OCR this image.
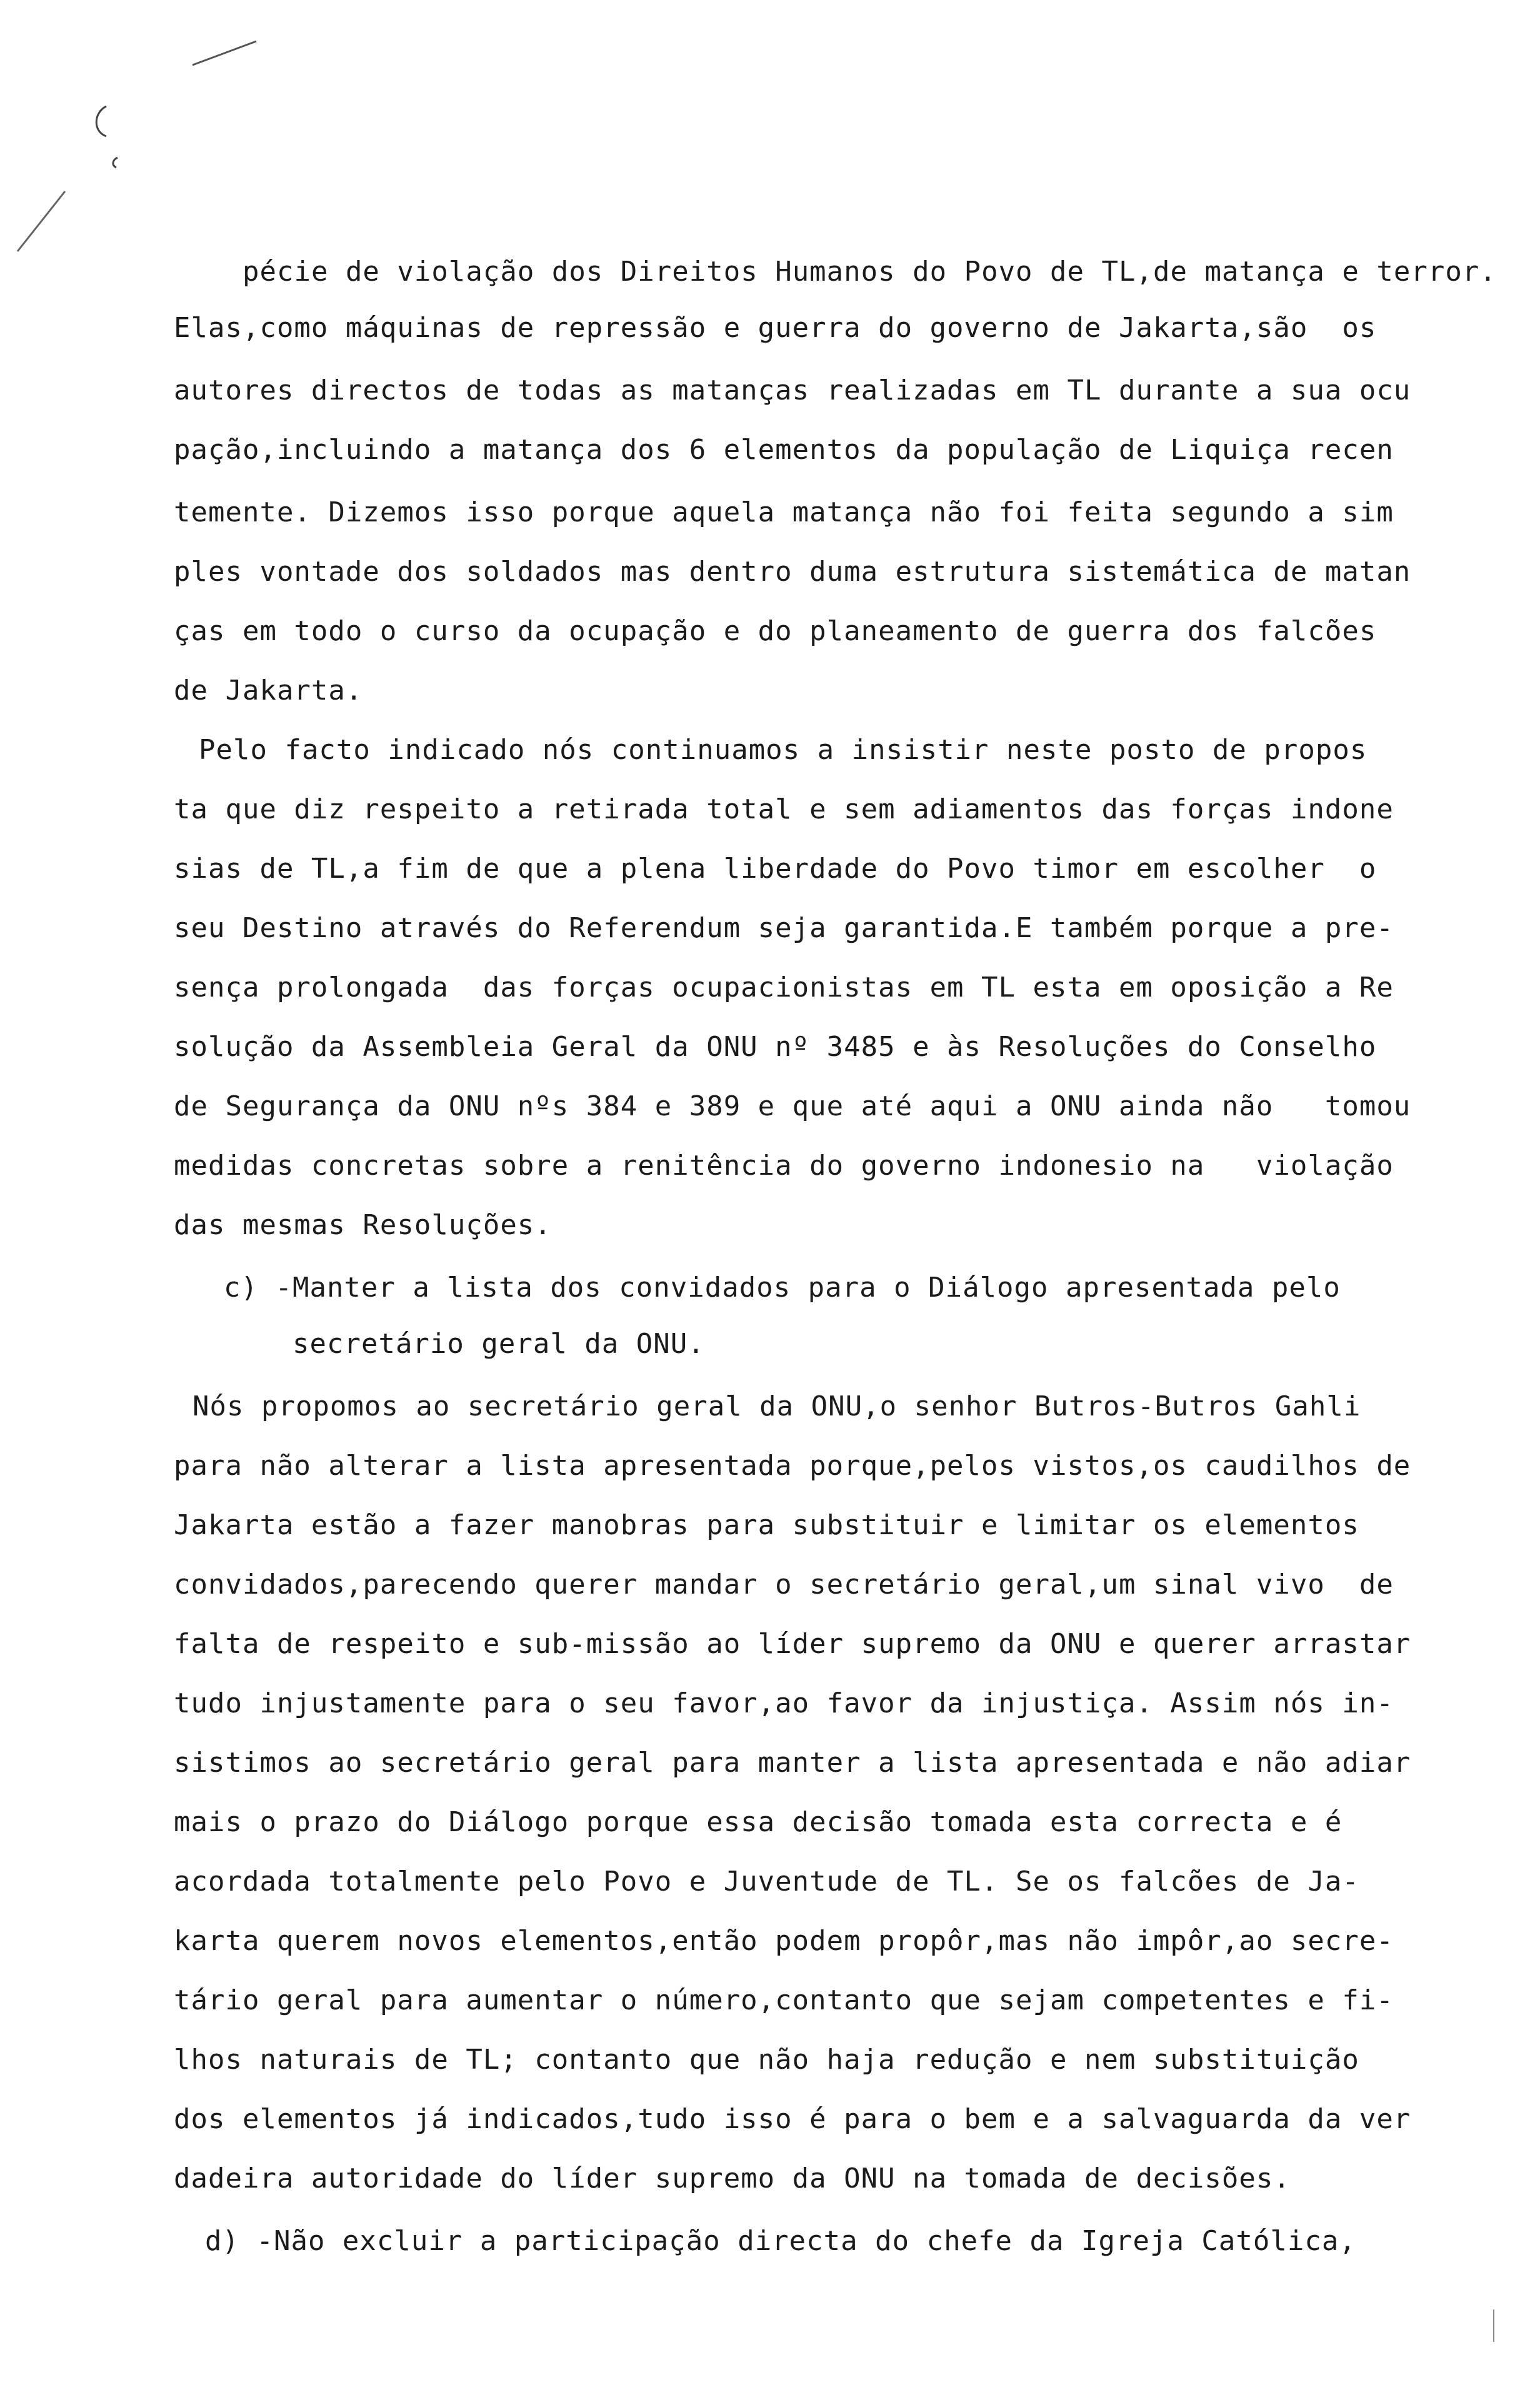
pécie de violação dos Direitos Humanos do Povo de TL,de matança e terror.
Elas,como máquinas de repressão e guerra do governo de Jakarta,são  os
autores directos de todas as matanças realizadas em TL durante a sua ocu
pação,incluindo a matança dos 6 elementos da população de Liquiça recen
temente. Dizemos isso porque aquela matança não foi feita segundo a sim
ples vontade dos soldados mas dentro duma estrutura sistemática de matan
ças em todo o curso da ocupação e do planeamento de guerra dos falcões
de Jakarta.
Pelo facto indicado nós continuamos a insistir neste posto de propos
ta que diz respeito a retirada total e sem adiamentos das forças indone
sias de TL,a fim de que a plena liberdade do Povo timor em escolher  o
seu Destino através do Referendum seja garantida.E também porque a pre-
sença prolongada  das forças ocupacionistas em TL esta em oposição a Re
solução da Assembleia Geral da ONU nº 3485 e às Resoluções do Conselho
de Segurança da ONU nºs 384 e 389 e que até aqui a ONU ainda não   tomou
medidas concretas sobre a renitência do governo indonesio na   violação
das mesmas Resoluções.
c) -Manter a lista dos convidados para o Diálogo apresentada pelo
secretário geral da ONU.
Nós propomos ao secretário geral da ONU,o senhor Butros-Butros Gahli
para não alterar a lista apresentada porque,pelos vistos,os caudilhos de
Jakarta estão a fazer manobras para substituir e limitar os elementos
convidados,parecendo querer mandar o secretário geral,um sinal vivo  de
falta de respeito e sub-missão ao líder supremo da ONU e querer arrastar
tudo injustamente para o seu favor,ao favor da injustiça. Assim nós in-
sistimos ao secretário geral para manter a lista apresentada e não adiar
mais o prazo do Diálogo porque essa decisão tomada esta correcta e é
acordada totalmente pelo Povo e Juventude de TL. Se os falcões de Ja-
karta querem novos elementos,então podem propôr,mas não impôr,ao secre-
tário geral para aumentar o número,contanto que sejam competentes e fi-
lhos naturais de TL; contanto que não haja redução e nem substituição
dos elementos já indicados,tudo isso é para o bem e a salvaguarda da ver
dadeira autoridade do líder supremo da ONU na tomada de decisões.
d) -Não excluir a participação directa do chefe da Igreja Católica,
